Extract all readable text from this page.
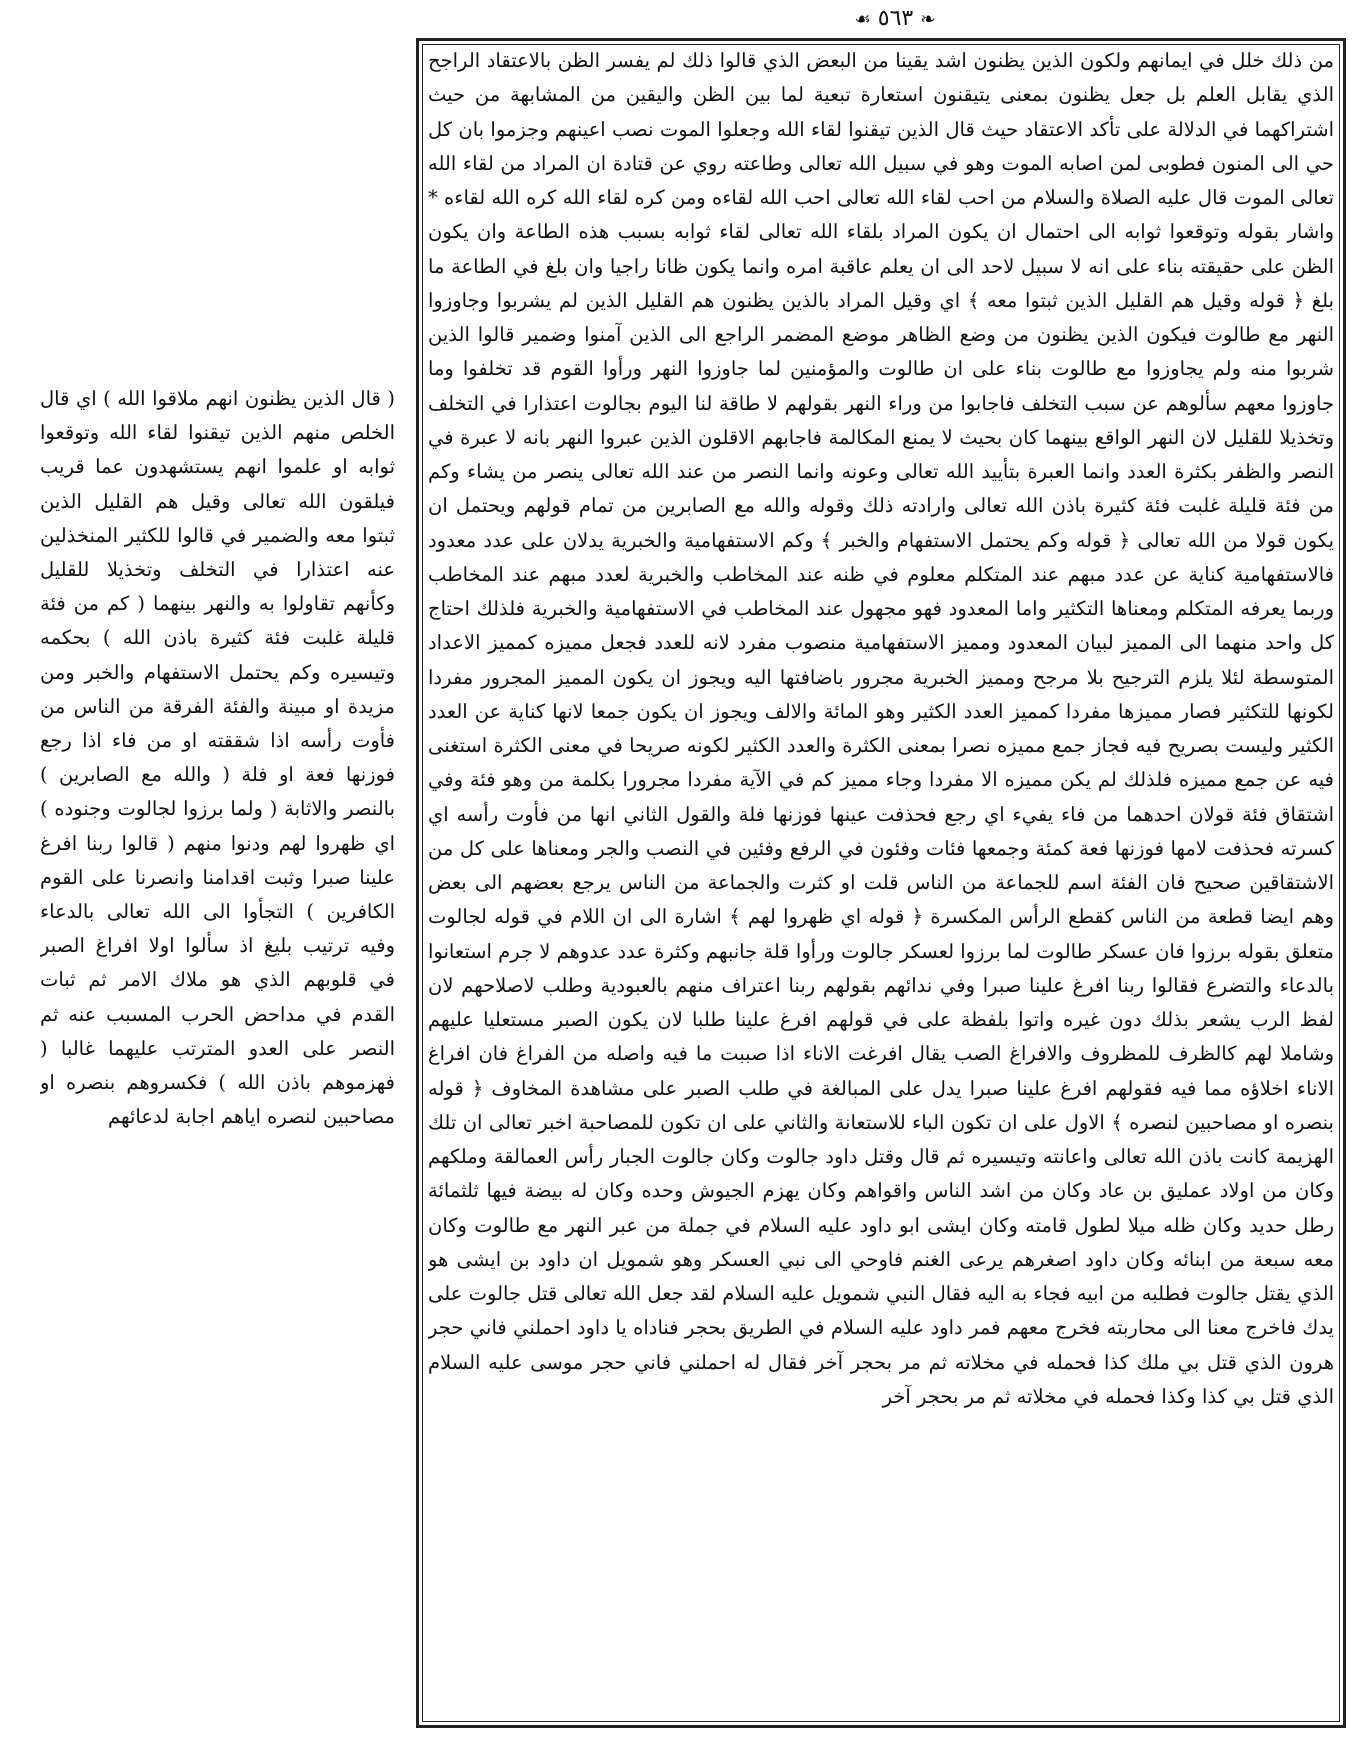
❧ ٥٦٣ ☙

من ذلك خلل في ايمانهم ولكون الذين يظنون اشد يقينا من البعض الذي قالوا ذلك لم يفسر الظن بالاعتقاد الراجح الذي يقابل العلم بل جعل يظنون بمعنى يتيقنون استعارة تبعية لما بين الظن واليقين من المشابهة من حيث اشتراكهما في الدلالة على تأكد الاعتقاد حيث قال الذين تيقنوا لقاء الله وجعلوا الموت نصب اعينهم وجزموا بان كل حي الى المنون فطوبى لمن اصابه الموت وهو في سبيل الله تعالى وطاعته روي عن قتادة ان المراد من لقاء الله تعالى الموت قال عليه الصلاة والسلام من احب لقاء الله تعالى احب الله لقاءه ومن كره لقاء الله كره الله لقاءه * واشار بقوله وتوقعوا ثوابه الى احتمال ان يكون المراد بلقاء الله تعالى لقاء ثوابه بسبب هذه الطاعة وان يكون الظن على حقيقته بناء على انه لا سبيل لاحد الى ان يعلم عاقبة امره وانما يكون ظانا راجيا وان بلغ في الطاعة ما بلغ ﴿ قوله وقيل هم القليل الذين ثبتوا معه ﴾ اي وقيل المراد بالذين يظنون هم القليل الذين لم يشربوا وجاوزوا النهر مع طالوت فيكون الذين يظنون من وضع الظاهر موضع المضمر الراجع الى الذين آمنوا وضمير قالوا الذين شربوا منه ولم يجاوزوا مع طالوت بناء على ان طالوت والمؤمنين لما جاوزوا النهر ورأوا القوم قد تخلفوا وما جاوزوا معهم سألوهم عن سبب التخلف فاجابوا من وراء النهر بقولهم لا طاقة لنا اليوم بجالوت اعتذارا في التخلف وتخذيلا للقليل لان النهر الواقع بينهما كان بحيث لا يمنع المكالمة فاجابهم الاقلون الذين عبروا النهر بانه لا عبرة في النصر والظفر بكثرة العدد وانما العبرة بتأييد الله تعالى وعونه وانما النصر من عند الله تعالى ينصر من يشاء وكم من فئة قليلة غلبت فئة كثيرة باذن الله تعالى وارادته ذلك وقوله والله مع الصابرين من تمام قولهم ويحتمل ان يكون قولا من الله تعالى ﴿ قوله وكم يحتمل الاستفهام والخبر ﴾ وكم الاستفهامية والخبرية يدلان على عدد معدود فالاستفهامية كناية عن عدد مبهم عند المتكلم معلوم في ظنه عند المخاطب والخبرية لعدد مبهم عند المخاطب وربما يعرفه المتكلم ومعناها التكثير واما المعدود فهو مجهول عند المخاطب في الاستفهامية والخبرية فلذلك احتاج كل واحد منهما الى المميز لبيان المعدود ومميز الاستفهامية منصوب مفرد لانه للعدد فجعل مميزه كمميز الاعداد المتوسطة لئلا يلزم الترجيح بلا مرجح ومميز الخبرية مجرور باضافتها اليه ويجوز ان يكون المميز المجرور مفردا لكونها للتكثير فصار مميزها مفردا كمميز العدد الكثير وهو المائة والالف ويجوز ان يكون جمعا لانها كناية عن العدد الكثير وليست بصريح فيه فجاز جمع مميزه نصرا بمعنى الكثرة والعدد الكثير لكونه صريحا في معنى الكثرة استغنى فيه عن جمع مميزه فلذلك لم يكن مميزه الا مفردا وجاء مميز كم في الآية مفردا مجرورا بكلمة من وهو فئة وفي اشتقاق فئة قولان احدهما من فاء يفيء اي رجع فحذفت عينها فوزنها فلة والقول الثاني انها من فأوت رأسه اي كسرته فحذفت لامها فوزنها فعة كمئة وجمعها فئات وفئون في الرفع وفئين في النصب والجر ومعناها على كل من الاشتقاقين صحيح فان الفئة اسم للجماعة من الناس قلت او كثرت والجماعة من الناس يرجع بعضهم الى بعض وهم ايضا قطعة من الناس كقطع الرأس المكسرة ﴿ قوله اي ظهروا لهم ﴾ اشارة الى ان اللام في قوله لجالوت متعلق بقوله برزوا فان عسكر طالوت لما برزوا لعسكر جالوت ورأوا قلة جانبهم وكثرة عدد عدوهم لا جرم استعانوا بالدعاء والتضرع فقالوا ربنا افرغ علينا صبرا وفي ندائهم بقولهم ربنا اعتراف منهم بالعبودية وطلب لاصلاحهم لان لفظ الرب يشعر بذلك دون غيره واتوا بلفظة على في قولهم افرغ علينا طلبا لان يكون الصبر مستعليا عليهم وشاملا لهم كالظرف للمظروف والافراغ الصب يقال افرغت الاناء اذا صببت ما فيه واصله من الفراغ فان افراغ الاناء اخلاؤه مما فيه فقولهم افرغ علينا صبرا يدل على المبالغة في طلب الصبر على مشاهدة المخاوف ﴿ قوله بنصره او مصاحبين لنصره ﴾ الاول على ان تكون الباء للاستعانة والثاني على ان تكون للمصاحبة اخبر تعالى ان تلك الهزيمة كانت باذن الله تعالى واعانته وتيسيره ثم قال وقتل داود جالوت وكان جالوت الجبار رأس العمالقة وملكهم وكان من اولاد عمليق بن عاد وكان من اشد الناس واقواهم وكان يهزم الجيوش وحده وكان له بيضة فيها ثلثمائة رطل حديد وكان ظله ميلا لطول قامته وكان ايشى ابو داود عليه السلام في جملة من عبر النهر مع طالوت وكان معه سبعة من ابنائه وكان داود اصغرهم يرعى الغنم فاوحي الى نبي العسكر وهو شمويل ان داود بن ايشى هو الذي يقتل جالوت فطلبه من ابيه فجاء به اليه فقال النبي شمويل عليه السلام لقد جعل الله تعالى قتل جالوت على يدك فاخرج معنا الى محاربته فخرج معهم فمر داود عليه السلام في الطريق بحجر فناداه يا داود احملني فاني حجر هرون الذي قتل بي ملك كذا فحمله في مخلاته ثم مر بحجر آخر فقال له احملني فاني حجر موسى عليه السلام الذي قتل بي كذا وكذا فحمله في مخلاته ثم مر بحجر آخر

( قال الذين يظنون انهم ملاقوا الله ) اي قال الخلص منهم الذين تيقنوا لقاء الله وتوقعوا ثوابه او علموا انهم يستشهدون عما قريب فيلقون الله تعالى وقيل هم القليل الذين ثبتوا معه والضمير في قالوا للكثير المنخذلين عنه اعتذارا في التخلف وتخذيلا للقليل وكأنهم تقاولوا به والنهر بينهما ( كم من فئة قليلة غلبت فئة كثيرة باذن الله ) بحكمه وتيسيره وكم يحتمل الاستفهام والخبر ومن مزيدة او مبينة والفئة الفرقة من الناس من فأوت رأسه اذا شققته او من فاء اذا رجع فوزنها فعة او فلة ( والله مع الصابرين ) بالنصر والاثابة ( ولما برزوا لجالوت وجنوده ) اي ظهروا لهم ودنوا منهم ( قالوا ربنا افرغ علينا صبرا وثبت اقدامنا وانصرنا على القوم الكافرين ) التجأوا الى الله تعالى بالدعاء وفيه ترتيب بليغ اذ سألوا اولا افراغ الصبر في قلوبهم الذي هو ملاك الامر ثم ثبات القدم في مداحض الحرب المسبب عنه ثم النصر على العدو المترتب عليهما غالبا ( فهزموهم باذن الله ) فكسروهم بنصره او مصاحبين لنصره اياهم اجابة لدعائهم
